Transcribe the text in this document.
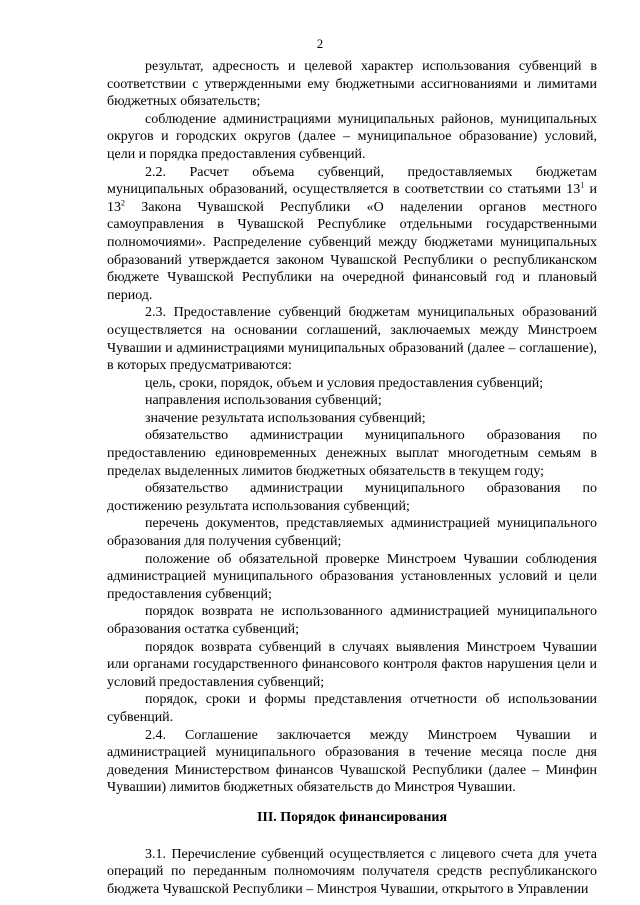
2

результат, адресность и целевой характер использования субвенций в соответствии с утвержденными ему бюджетными ассигнованиями и лимитами бюджетных обязательств;

соблюдение администрациями муниципальных районов, муниципальных округов и городских округов (далее – муниципальное образование) условий, цели и порядка предоставления субвенций.

2.2. Расчет объема субвенций, предоставляемых бюджетам муниципальных образований, осуществляется в соответствии со статьями $13^1$ и $13^2$ Закона Чувашской Республики «О наделении органов местного самоуправления в Чувашской Республике отдельными государственными полномочиями». Распределение субвенций между бюджетами муниципальных образований утверждается законом Чувашской Республики о республиканском бюджете Чувашской Республики на очередной финансовый год и плановый период.

2.3. Предоставление субвенций бюджетам муниципальных образований осуществляется на основании соглашений, заключаемых между Минстроем Чувашии и администрациями муниципальных образований (далее – соглашение), в которых предусматриваются:

цель, сроки, порядок, объем и условия предоставления субвенций;

направления использования субвенций;

значение результата использования субвенций;

обязательство администрации муниципального образования по предоставлению единовременных денежных выплат многодетным семьям в пределах выделенных лимитов бюджетных обязательств в текущем году;

обязательство администрации муниципального образования по достижению результата использования субвенций;

перечень документов, представляемых администрацией муниципального образования для получения субвенций;

положение об обязательной проверке Минстроем Чувашии соблюдения администрацией муниципального образования установленных условий и цели предоставления субвенций;

порядок возврата не использованного администрацией муниципального образования остатка субвенций;

порядок возврата субвенций в случаях выявления Минстроем Чувашии или органами государственного финансового контроля фактов нарушения цели и условий предоставления субвенций;

порядок, сроки и формы представления отчетности об использовании субвенций.

2.4. Соглашение заключается между Минстроем Чувашии и администрацией муниципального образования в течение месяца после дня доведения Министерством финансов Чувашской Республики (далее – Минфин Чувашии) лимитов бюджетных обязательств до Минстроя Чувашии.

III. Порядок финансирования

3.1. Перечисление субвенций осуществляется с лицевого счета для учета операций по переданным полномочиям получателя средств республиканского бюджета Чувашской Республики – Минстроя Чувашии, открытого в Управлении
